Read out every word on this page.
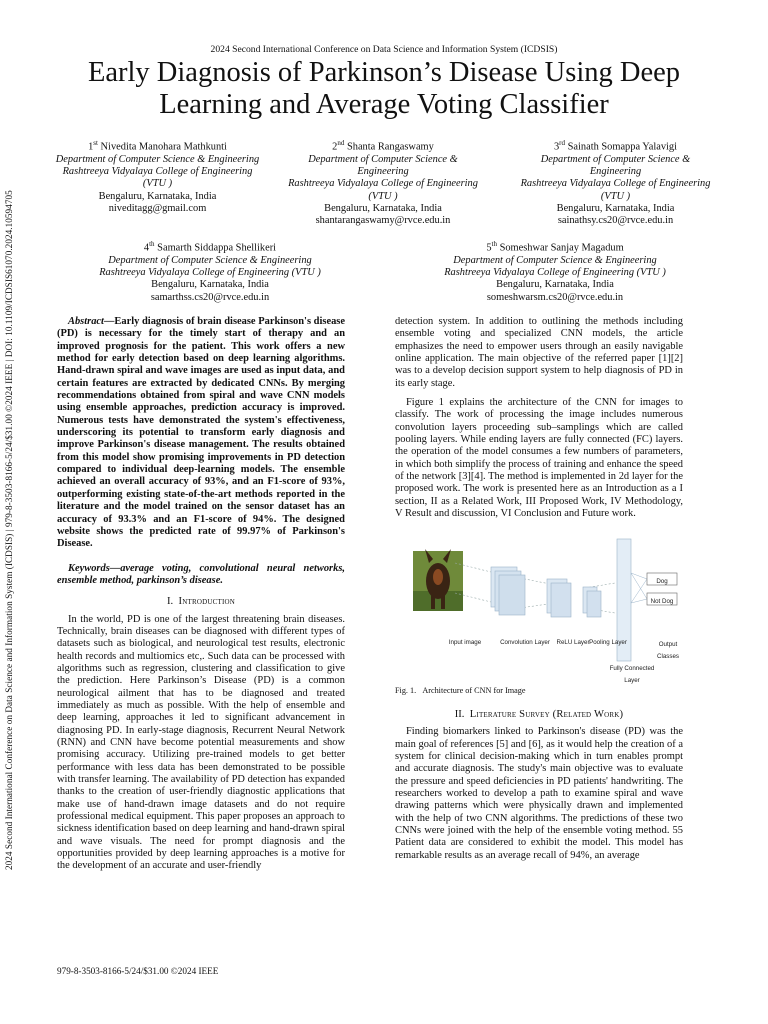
2024 Second International Conference on Data Science and Information System (ICDSIS) | 979-8-3503-8166-5/24/$31.00 ©2024 IEEE | DOI: 10.1109/ICDSIS61070.2024.10594705
2024 Second International Conference on Data Science and Information System (ICDSIS)
Early Diagnosis of Parkinson’s Disease Using Deep Learning and Average Voting Classifier
1st Nivedita Manohara Mathkunti
Department of Computer Science & Engineering
Rashtreeya Vidyalaya College of Engineering (VTU )
Bengaluru, Karnataka, India
niveditagg@gmail.com
2nd Shanta Rangaswamy
Department of Computer Science & Engineering
Rashtreeya Vidyalaya College of Engineering (VTU )
Bengaluru, Karnataka, India
shantarangaswamy@rvce.edu.in
3rd Sainath Somappa Yalavigi
Department of Computer Science & Engineering
Rashtreeya Vidyalaya College of Engineering (VTU )
Bengaluru, Karnataka, India
sainathsy.cs20@rvce.edu.in
4th Samarth Siddappa Shellikeri
Department of Computer Science & Engineering
Rashtreeya Vidyalaya College of Engineering (VTU )
Bengaluru, Karnataka, India
samarthss.cs20@rvce.edu.in
5th Someshwar Sanjay Magadum
Department of Computer Science & Engineering
Rashtreeya Vidyalaya College of Engineering (VTU )
Bengaluru, Karnataka, India
someshwarsm.cs20@rvce.edu.in

Abstract—Early diagnosis of brain disease Parkinson's disease (PD) is necessary for the timely start of therapy and an improved prognosis for the patient. This work offers a new method for early detection based on deep learning algorithms. Hand-drawn spiral and wave images are used as input data, and certain features are extracted by dedicated CNNs. By merging recommendations obtained from spiral and wave CNN models using ensemble approaches, prediction accuracy is improved. Numerous tests have demonstrated the system's effectiveness, underscoring its potential to transform early diagnosis and improve Parkinson's disease management. The results obtained from this model show promising improvements in PD detection compared to individual deep-learning models. The ensemble achieved an overall accuracy of 93%, and an F1-score of 93%, outperforming existing state-of-the-art methods reported in the literature and the model trained on the sensor dataset has an accuracy of 93.3% and an F1-score of 94%. The designed website shows the predicted rate of 99.97% of Parkinson's Disease.

Keywords—average voting, convolutional neural networks, ensemble method, parkinson’s disease.

I. Introduction

In the world, PD is one of the largest threatening brain diseases. Technically, brain diseases can be diagnosed with different types of datasets such as biological, and neurological test results, electronic health records and multiomics etc,. Such data can be processed with algorithms such as regression, clustering and classification to give the prediction. Here Parkinson’s Disease (PD) is a common neurological ailment that has to be diagnosed and treated immediately as much as possible. With the help of ensemble and deep learning, approaches it led to significant advancement in diagnosing PD. In early-stage diagnosis, Recurrent Neural Network (RNN) and CNN have become potential measurements and show promising accuracy. Utilizing pre-trained models to get better performance with less data has been demonstrated to be possible with transfer learning. The availability of PD detection has expanded thanks to the creation of user-friendly diagnostic applications that make use of hand-drawn image datasets and do not require professional medical equipment. This paper proposes an approach to sickness identification based on deep learning and hand-drawn spiral and wave visuals. The need for prompt diagnosis and the opportunities provided by deep learning approaches is a motive for the development of an accurate and user-friendly

detection system. In addition to outlining the methods including ensemble voting and specialized CNN models, the article emphasizes the need to empower users through an easily navigable online application. The main objective of the referred paper [1][2] was to a develop decision support system to help diagnosis of PD in its early stage.

Figure 1 explains the architecture of the CNN for images to classify. The work of processing the image includes numerous convolution layers proceeding sub–samplings which are called pooling layers. While ending layers are fully connected (FC) layers. the operation of the model consumes a few numbers of parameters, in which both simplify the process of training and enhance the speed of the network [3][4]. The method is implemented in 2d layer for the proposed work. The work is presented here as an Introduction as a I section, II as a Related Work, III Proposed Work, IV Methodology, V Result and discussion, VI Conclusion and Future work.

Input image	Convolution Layer	ReLU Layer Pooling Layer
Fully Connected Layer
Output Classes
Dog
Not Dog
Fig. 1. Architecture of CNN for Image
II. Literature Survey (Related Work)

Finding biomarkers linked to Parkinson's disease (PD) was the main goal of references [5] and [6], as it would help the creation of a system for clinical decision-making which in turn enables prompt and accurate diagnosis. The study's main objective was to evaluate the pressure and speed deficiencies in PD patients' handwriting. The researchers worked to develop a path to examine spiral and wave drawing patterns which were physically drawn and implemented with the help of two CNN algorithms. The predictions of these two CNNs were joined with the help of the ensemble voting method. 55 Patient data are considered to exhibit the model. This model has remarkable results as an average recall of 94%, an average

979-8-3503-8166-5/24/$31.00 ©2024 IEEE
